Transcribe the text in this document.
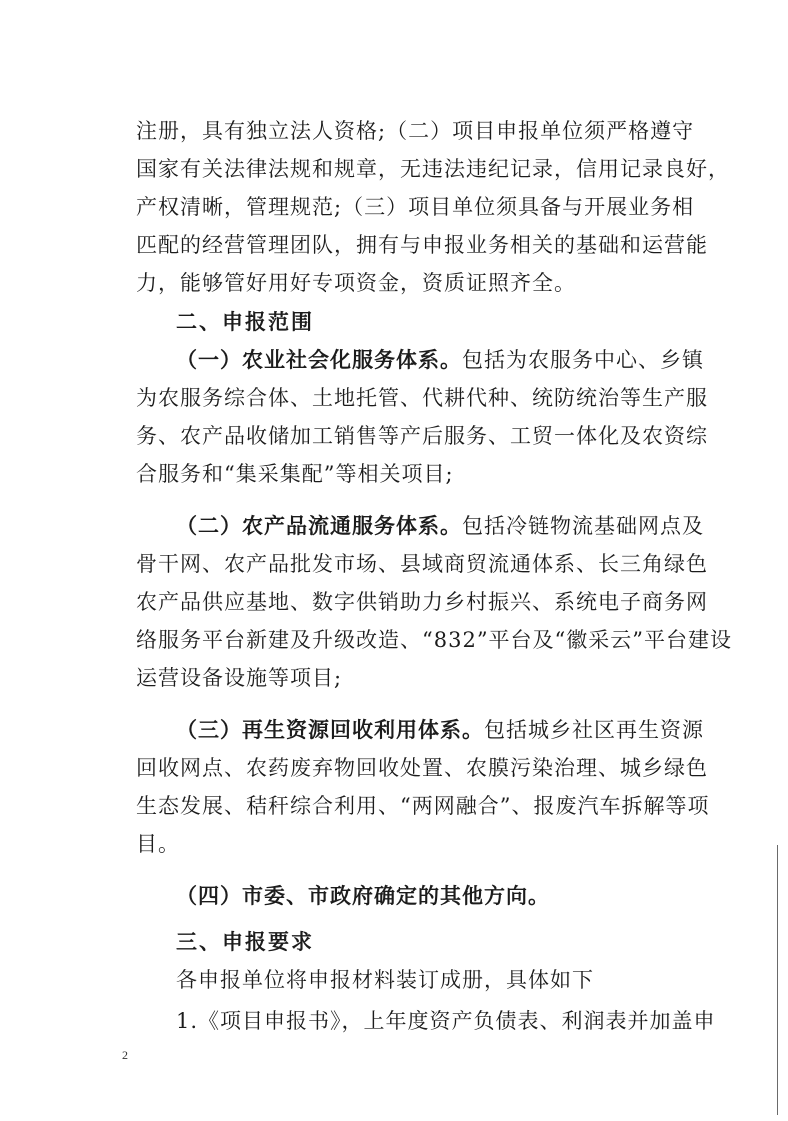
注册，具有独立法人资格;（二）项目申报单位须严格遵守
国家有关法律法规和规章，无违法违纪记录，信用记录良好，
产权清晰，管理规范;（三）项目单位须具备与开展业务相
匹配的经营管理团队，拥有与申报业务相关的基础和运营能
力，能够管好用好专项资金，资质证照齐全。
二、申报范围
（一）农业社会化服务体系。包括为农服务中心、乡镇
为农服务综合体、土地托管、代耕代种、统防统治等生产服
务、农产品收储加工销售等产后服务、工贸一体化及农资综
合服务和“集采集配”等相关项目;
（二）农产品流通服务体系。包括冷链物流基础网点及
骨干网、农产品批发市场、县域商贸流通体系、长三角绿色
农产品供应基地、数字供销助力乡村振兴、系统电子商务网
络服务平台新建及升级改造、“832”平台及“徽采云”平台建设
运营设备设施等项目;
（三）再生资源回收利用体系。包括城乡社区再生资源
回收网点、农药废弃物回收处置、农膜污染治理、城乡绿色
生态发展、秸秆综合利用、“两网融合”、报废汽车拆解等项
目。
（四）市委、市政府确定的其他方向。
三、申报要求
各申报单位将申报材料装订成册，具体如下
1.《项目申报书》，上年度资产负债表、利润表并加盖申
2
